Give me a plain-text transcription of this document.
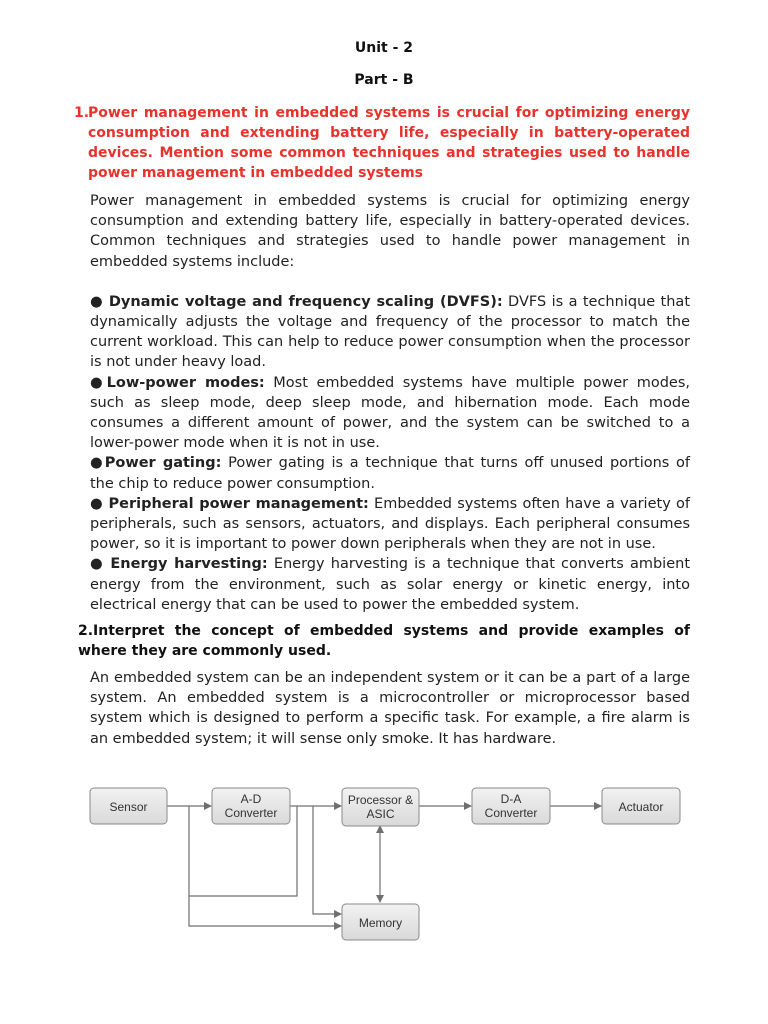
Unit - 2
Part - B
1.
Power management in embedded systems is crucial for optimizing energy consumption and extending battery life, especially in battery-operated devices. Mention some common techniques and strategies used to handle power management in embedded systems
Power management in embedded systems is crucial for optimizing energy consumption and extending battery life, especially in battery-operated devices. Common techniques and strategies used to handle power management in embedded systems include:
● Dynamic voltage and frequency scaling (DVFS): DVFS is a technique that dynamically adjusts the voltage and frequency of the processor to match the current workload. This can help to reduce power consumption when the processor is not under heavy load.
●Low-power modes: Most embedded systems have multiple power modes, such as sleep mode, deep sleep mode, and hibernation mode. Each mode consumes a different amount of power, and the system can be switched to a lower-power mode when it is not in use.
●Power gating: Power gating is a technique that turns off unused portions of the chip to reduce power consumption.
● Peripheral power management: Embedded systems often have a variety of peripherals, such as sensors, actuators, and displays. Each peripheral consumes power, so it is important to power down peripherals when they are not in use.
● Energy harvesting: Energy harvesting is a technique that converts ambient energy from the environment, such as solar energy or kinetic energy, into electrical energy that can be used to power the embedded system.
2.Interpret the concept of embedded systems and provide examples of where they are commonly used.
An embedded system can be an independent system or it can be a part of a large system. An embedded system is a microcontroller or microprocessor based system which is designed to perform a specific task. For example, a fire alarm is an embedded system; it will sense only smoke. It has hardware.
Sensor
A-D
Converter
Processor &
ASIC
D-A
Converter	Actuator
Memory
